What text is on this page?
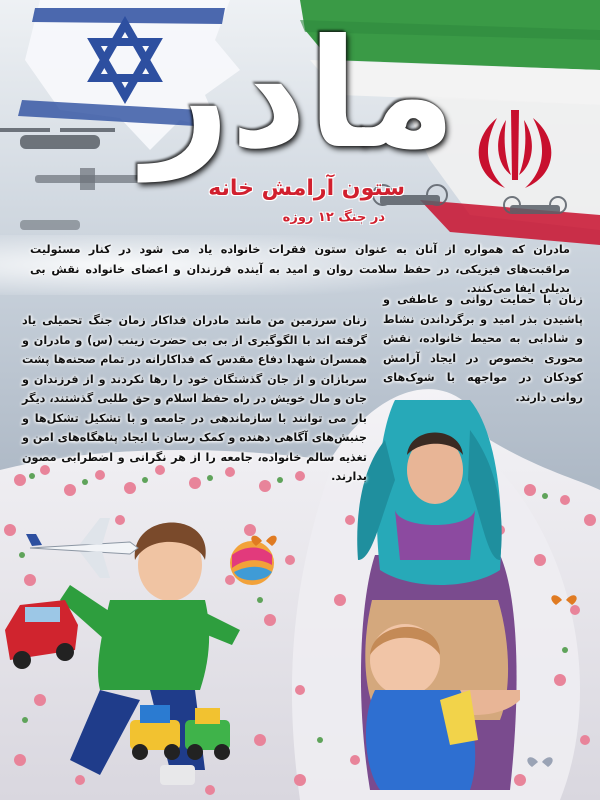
مادر
ستون آرامش خانه
در جنگ ۱۲ روزه

مادران که همواره از آنان به عنوان ستون فقرات خانواده یاد می شود در کنار مسئولیت مراقبت‌های فیزیکی، در حفظ سلامت روان و امید به آینده فرزندان و اعضای خانواده نقش بی بدیلی ایفا می‌کنند.

زنان با حمایت روانی و عاطفی و پاشیدن بذر امید و برگرداندن نشاط و شادابی به محیط خانواده، نقش محوری بخصوص در ایجاد آرامش کودکان در مواجهه با شوک‌های روانی دارند.

زنان سرزمین من مانند مادران فداکار زمان جنگ تحمیلی یاد گرفته اند با الگوگیری از بی بی حضرت زینب (س) و مادران و همسران شهدا دفاع مقدس که فداکارانه در تمام صحنه‌ها پشت سربازان و از جان گذشتگان خود را رها نکردند و از فرزندان و جان و مال خویش در راه حفظ اسلام و حق طلبی گذشتند، دیگر بار می توانند با سازماندهی در جامعه و با تشکیل تشکل‌ها و جنبش‌های آگاهی دهنده و کمک رسان با ایجاد پناهگاه‌های امن و تغذیه سالم خانواده، جامعه را از هر نگرانی و اضطرابی مصون بدارند.
